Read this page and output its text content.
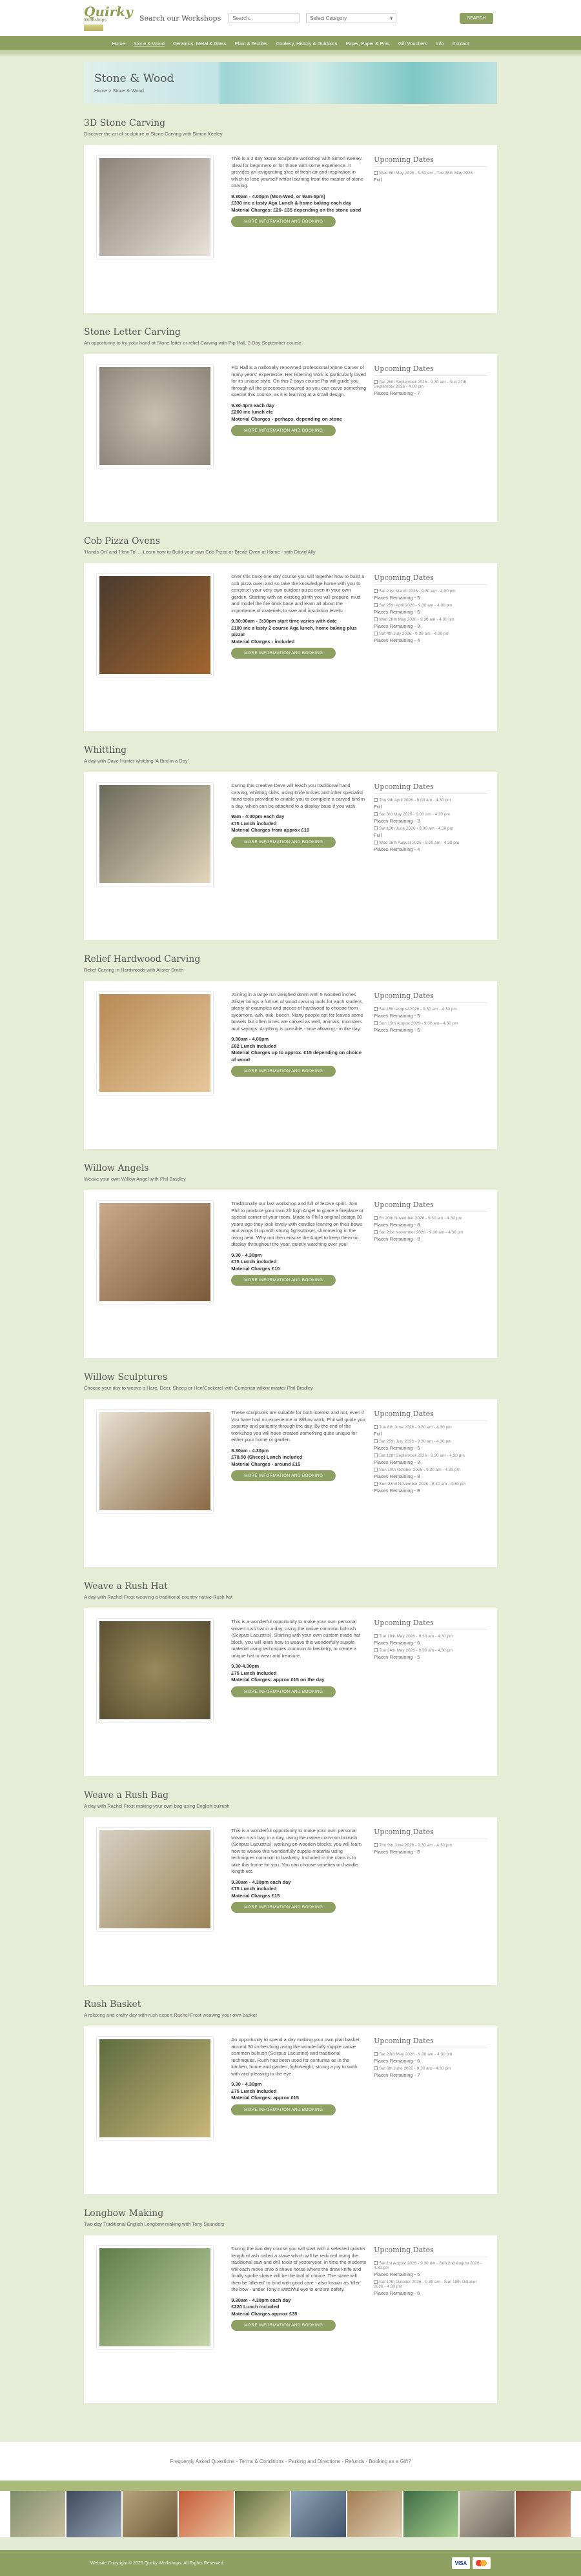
Quirky
Workshops	Search our Workshops
Search...	Select Category	▾	SEARCH
Home Stone & Wood Ceramics, Metal & Glass Plant & Textiles Cookery, History & Outdoors Paper, Paper & Print Gift Vouchers Info Contact
Stone & Wood
Home > Stone & Wood
3D Stone Carving
Discover the art of sculpture in Stone Carving with Simon Keeley

This is a 3 day Stone Sculpture workshop with Simon Keeley. Ideal for beginners or for those with some experience. It provides an invigorating slice of fresh air and inspiration in which to lose yourself whilst learning from the master of stone carving.

9.30am - 4.00pm (Mon-Wed, or 9am-5pm)
£330 inc a tasty Aga Lunch & home baking each day
Material Charges: £20- £35 depending on the stone used
MORE INFORMATION AND BOOKING
Upcoming Dates
Wed 5th May 2026 - 9.30 am - Tue 26th May 2026
Full
Stone Letter Carving
An opportunity to try your hand at Stone letter or relief Carving with Pip Hall, 2 Day September course.

Pip Hall is a nationally renowned professional Stone Carver of many years' experience. Her listening work is particularly loved for its unique style. On this 2 days course Pip will guide you through all the processes required so you can carve something special this course, as it is learning at a small design.

9.30-4pm each day
£200 inc lunch etc
Material Charges - perhaps, depending on stone
MORE INFORMATION AND BOOKING
Upcoming Dates
Sat 26th September 2026 - 9.30 am - Sun 27th September 2026 - 4.00 pm
Places Remaining - 7
Cob Pizza Ovens
'Hands On' and 'How To' ... Learn how to Build your own Cob Pizza or Bread Oven at Home - with David Ally

Over this busy one day course you will together how to build a cob pizza oven and so take the knowledge home with you to construct your very own outdoor pizza oven in your own garden. Starting with an existing plinth you will prepare, mud and model the fire brick base and learn all about the importance of materials to size and insulation levels.

9.30:00am - 3:30pm start time varies with date
£100 inc a tasty 2 course Aga lunch, home baking plus pizza!
Material Charges - included
MORE INFORMATION AND BOOKING
Upcoming Dates
Sat 21st March 2026 - 9.30 am - 4.00 pm
Places Remaining - 5
Sat 25th April 2026 - 9.30 am - 4.00 pm
Places Remaining - 6
Wed 20th May 2026 - 9.30 am - 4.00 pm
Places Remaining - 3
Sat 4th July 2026 - 9.30 am - 4.00 pm
Places Remaining - 4
Whittling
A day with Dave Hunter whittling 'A Bird in a Day'

During this creative Dave will teach you traditional hand carving, whittling skills, using knife knives and other specialist hand tools provided to enable you to complete a carved bird in a day, which can be attached to a display base if you wish.

9am - 4:30pm each day
£75 Lunch included
Material Charges from approx £10
MORE INFORMATION AND BOOKING
Upcoming Dates
Thu 9th April 2026 - 9.00 am - 4.30 pm
Full
Sat 3rd May 2026 - 9.00 am - 4.30 pm
Places Remaining - 3
Sat 13th June 2026 - 9.00 am - 4.30 pm
Full
Wed 26th August 2026 - 9.00 am - 4.30 pm
Places Remaining - 4
Relief Hardwood Carving
Relief Carving in Hardwoods with Alister Smith

Joining in a large run weighed down with 5 wooded inches Alister brings a full set of wood carving tools for each student, plenty of examples and pieces of hardwood to choose from - sycamore, ash, oak, beech. Many people opt for leaves some bowels but often times are carved as well, animals, monsters and sayings. Anything is possible - time allowing - in the day.

9.30am - 4.00pm
£82 Lunch included
Material Charges up to approx. £15 depending on choice of wood
MORE INFORMATION AND BOOKING
Upcoming Dates
Sat 18th August 2026 - 9.30 am - 4.30 pm
Places Remaining - 5
Sun 19th August 2026 - 9.30 am - 4.30 pm
Places Remaining - 6
Willow Angels
Weave your own Willow Angel with Phil Bradley

Traditionally our last workshop and full of festive spirit. Join Phil to produce your own 2ft high Angel to grace a fireplace or special corner of your room. Made to Phil's original design 30 years ago they look lovely with candles leaning on their bows and wings lit up with strung lights/tinsel, shimmering in the rising heat. Why not then ensure the Angel to keep them on display throughout the year, quietly watching over you!

9.30 - 4.30pm
£75 Lunch included
Material Charges £10
MORE INFORMATION AND BOOKING
Upcoming Dates
Fri 20th November 2026 - 9.30 am - 4.30 pm
Places Remaining - 8
Sat 21st November 2026 - 9.30 am - 4.30 pm
Places Remaining - 8
Willow Sculptures
Choose your day to weave a Hare, Deer, Sheep or Hen/Cockerel with Cumbrian willow master Phil Bradley

These sculptures are suitable for both interest and not, even if you have had no experience in Willow work. Phil will guide you expertly and patiently through the day. By the end of the workshop you will have created something quite unique for either your home or garden.

8.30am - 4.30pm
£78.50 (Sheep) Lunch included
Material Charges - around £15
MORE INFORMATION AND BOOKING
Upcoming Dates
Tue 8th June 2026 - 9.30 am - 4.30 pm
Full
Sat 25th July 2026 - 9.30 am - 4.30 pm
Places Remaining - 5
Sat 12th September 2026 - 9.30 am - 4.30 pm
Places Remaining - 3
Sun 18th October 2026 - 9.30 am - 4.30 pm
Places Remaining - 8
Sun 22nd November 2026 - 9.30 am - 4.30 pm
Places Remaining - 8
Weave a Rush Hat
A day with Rachel Frost weaving a traditional country native Rush hat

This is a wonderful opportunity to make your own personal woven rush hat in a day, using the native common bulrush (Scirpus Lacustris). Starting with your own custom made hat block, you will learn how to weave this wonderfully supple material using techniques common to basketry, to create a unique hat to wear and treasure.

9.30-4.30pm
£75 Lunch included
Material Charges: approx £15 on the day
MORE INFORMATION AND BOOKING
Upcoming Dates
Tue 18th May 2026 - 9.30 am - 4.30 pm
Places Remaining - 6
Tue 24th May 2026 - 9.30 am - 4.30 pm
Places Remaining - 5
Weave a Rush Bag
A day with Rachel Frost making your own bag using English bulrush

This is a wonderful opportunity to make your own personal woven rush bag in a day, using the native common bulrush (Scirpus Lacustris), working on wooden blocks, you will learn how to weave this wonderfully supple material using techniques common to basketry. Included in the class is to take this home for you. You can choose varieties on handle length etc.

9.30am - 4.30pm each day
£75 Lunch included
Material Charges £15
MORE INFORMATION AND BOOKING
Upcoming Dates
Thu 9th June 2026 - 9.30 am - 4.30 pm
Places Remaining - 8
Rush Basket
A relaxing and crafty day with rush expert Rachel Frost weaving your own basket

An opportunity to spend a day making your own plait basket around 30 inches long using the wonderfully supple native common bulrush (Scirpus Lacustris) and traditional techniques. Rush has been used for centuries as in the kitchen, home and garden, lightweight, strong a joy to work with and pleasing to the eye.

9.30 - 4.30pm
£75 Lunch included
Material Charges: approx £15
MORE INFORMATION AND BOOKING
Upcoming Dates
Sat 23rd May 2026 - 9.30 am - 4.30 pm
Places Remaining - 6
Sat 6th June 2026 - 9.30 am - 4.30 pm
Places Remaining - 7
Longbow Making
Two day Traditional English Longbow making with Tony Saunders

During the two day course you will start with a selected quarter length of ash called a stave which will be reduced using the traditional saw and drill tools of yesteryear. In time the students will each move onto a shave horse where the draw knife and finally spoke shave will be the tool of choice. The stave will then be 'tillered' to bind with good care - also known as 'tiller' the bow - under Tony's watchful eye to ensure safety.

9.30am - 4.30pm each day
£220 Lunch included
Material Charges approx £35
MORE INFORMATION AND BOOKING
Upcoming Dates
Sat 1st August 2026 - 9.30 am - Sun 2nd August 2026 - 4.30 pm
Places Remaining - 5
Sat 17th October 2026 - 9.30 am - Sun 18th October 2026 - 4.30 pm
Places Remaining - 6
Frequently Asked Questions - Terms & Conditions - Parking and Directions - Refunds - Booking as a Gift?
Website Copyright © 2026 Quirky Workshops. All Rights Reserved.	VISA
